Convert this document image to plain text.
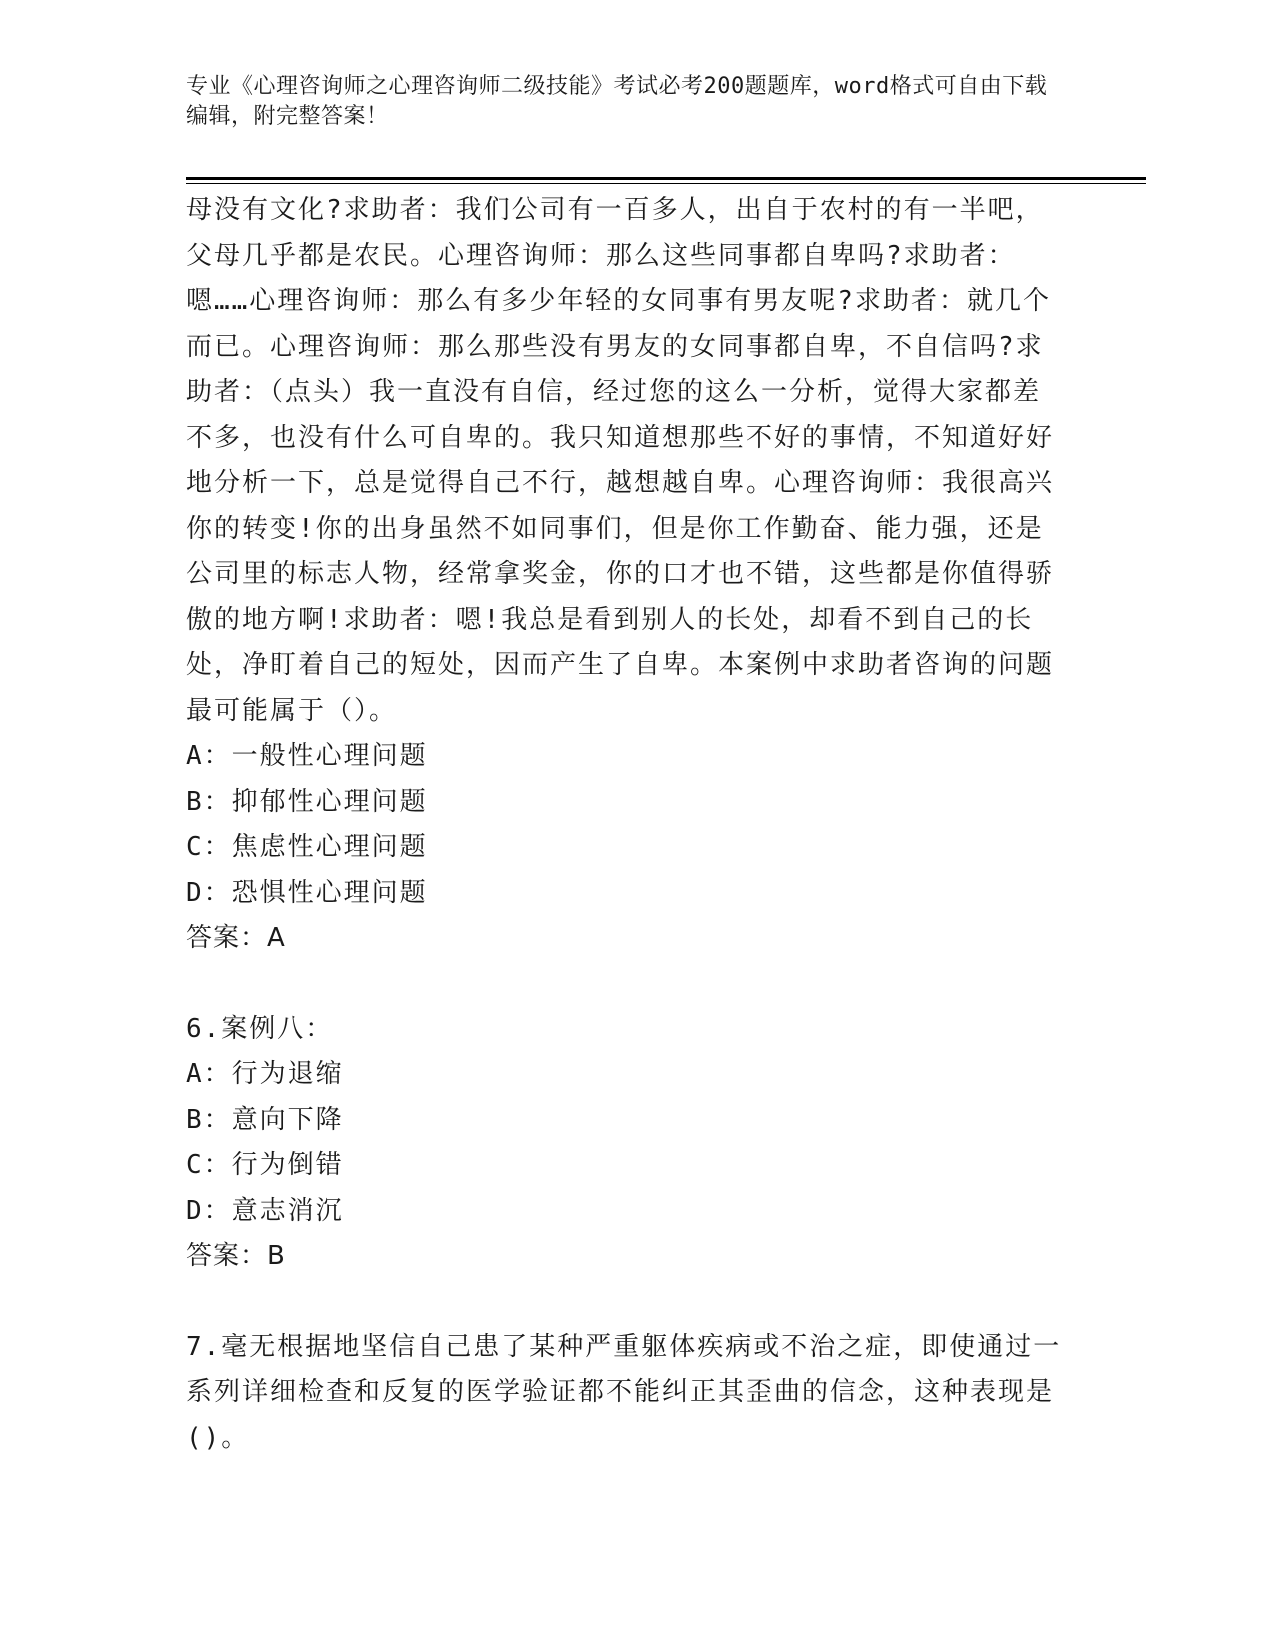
专业《心理咨询师之心理咨询师二级技能》考试必考200题题库，word格式可自由下载编辑，附完整答案！

母没有文化?求助者：我们公司有一百多人，出自于农村的有一半吧，父母几乎都是农民。心理咨询师：那么这些同事都自卑吗?求助者：嗯……心理咨询师：那么有多少年轻的女同事有男友呢?求助者：就几个而已。心理咨询师：那么那些没有男友的女同事都自卑，不自信吗?求助者：（点头）我一直没有自信，经过您的这么一分析，觉得大家都差不多，也没有什么可自卑的。我只知道想那些不好的事情，不知道好好地分析一下，总是觉得自己不行，越想越自卑。心理咨询师：我很高兴你的转变!你的出身虽然不如同事们，但是你工作勤奋、能力强，还是公司里的标志人物，经常拿奖金，你的口才也不错，这些都是你值得骄傲的地方啊!求助者：嗯!我总是看到别人的长处，却看不到自己的长处，净盯着自己的短处，因而产生了自卑。本案例中求助者咨询的问题最可能属于（）。

A：一般性心理问题

B：抑郁性心理问题

C：焦虑性心理问题

D：恐惧性心理问题

答案：A

6.案例八：

A：行为退缩

B：意向下降

C：行为倒错

D：意志消沉

答案：B

7.毫无根据地坚信自己患了某种严重躯体疾病或不治之症，即使通过一系列详细检查和反复的医学验证都不能纠正其歪曲的信念，这种表现是()。
